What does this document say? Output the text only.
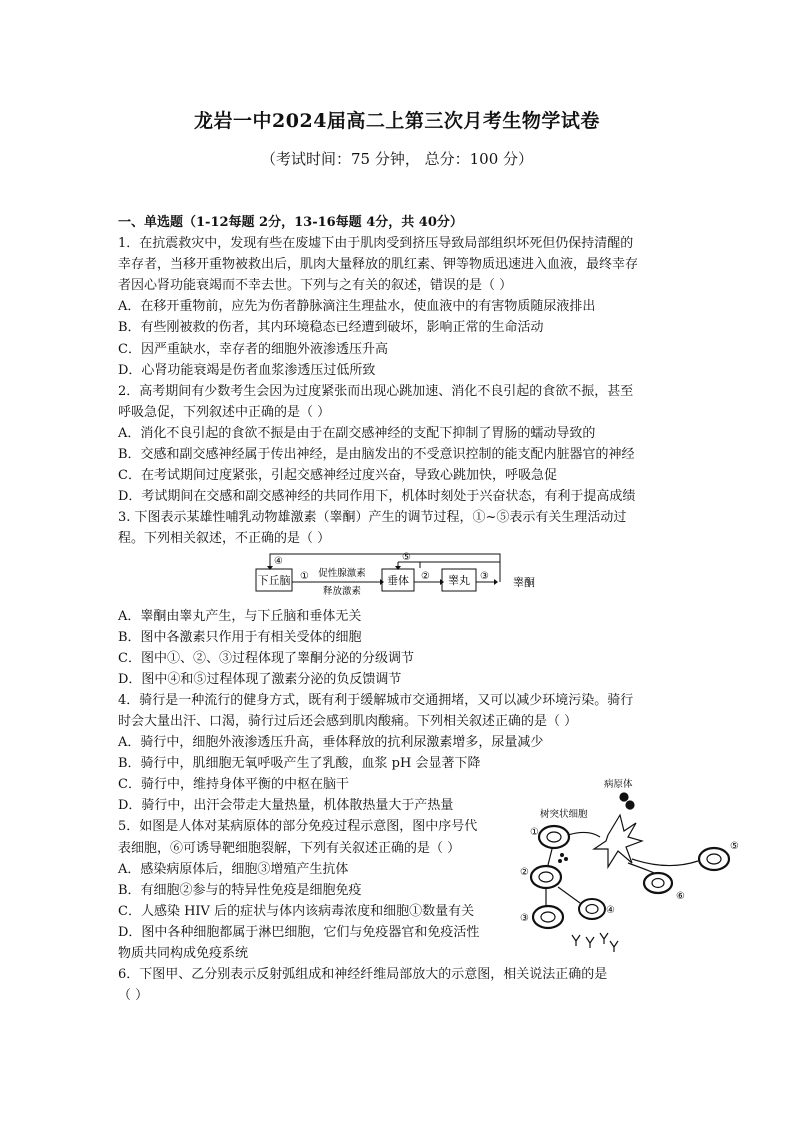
龙岩一中2024届高二上第三次月考生物学试卷
（考试时间：75 分钟， 总分：100 分）
一、单选题（1-12每题 2分，13-16每题 4分，共 40分）
1．在抗震救灾中，发现有些在废墟下由于肌肉受到挤压导致局部组织坏死但仍保持清醒的
幸存者，当移开重物被救出后，肌肉大量释放的肌红素、钾等物质迅速进入血液，最终幸存
者因心肾功能衰竭而不幸去世。下列与之有关的叙述，错误的是（ ）
A．在移开重物前，应先为伤者静脉滴注生理盐水，使血液中的有害物质随尿液排出
B．有些刚被救的伤者，其内环境稳态已经遭到破坏，影响正常的生命活动
C．因严重缺水，幸存者的细胞外液渗透压升高
D．心肾功能衰竭是伤者血浆渗透压过低所致
2．高考期间有少数考生会因为过度紧张而出现心跳加速、消化不良引起的食欲不振，甚至
呼吸急促，下列叙述中正确的是（ ）
A．消化不良引起的食欲不振是由于在副交感神经的支配下抑制了胃肠的蠕动导致的
B．交感和副交感神经属于传出神经，是由脑发出的不受意识控制的能支配内脏器官的神经
C．在考试期间过度紧张，引起交感神经过度兴奋，导致心跳加快，呼吸急促
D．考试期间在交感和副交感神经的共同作用下，机体时刻处于兴奋状态，有利于提高成绩
3. 下图表示某雄性哺乳动物雄激素（睾酮）产生的调节过程，①~⑤表示有关生理活动过
程。下列相关叙述，不正确的是（ ）
下丘脑	垂体	睾丸	睾酮
促性腺激素
释放激素
①	②	③
④	⑤
A．睾酮由睾丸产生，与下丘脑和垂体无关
B．图中各激素只作用于有相关受体的细胞
C．图中①、②、③过程体现了睾酮分泌的分级调节
D．图中④和⑤过程体现了激素分泌的负反馈调节
4．骑行是一种流行的健身方式，既有利于缓解城市交通拥堵，又可以减少环境污染。骑行
时会大量出汗、口渴，骑行过后还会感到肌肉酸痛。下列相关叙述正确的是（ ）
A．骑行中，细胞外液渗透压升高，垂体释放的抗利尿激素增多，尿量减少
B．骑行中，肌细胞无氧呼吸产生了乳酸，血浆 pH 会显著下降
C．骑行中，维持身体平衡的中枢在脑干
D．骑行中，出汗会带走大量热量，机体散热量大于产热量
5．如图是人体对某病原体的部分免疫过程示意图，图中序号代
表细胞，⑥可诱导靶细胞裂解，下列有关叙述正确的是（ ）
A．感染病原体后，细胞③增殖产生抗体
B．有细胞②参与的特异性免疫是细胞免疫
C．人感染 HIV 后的症状与体内该病毒浓度和细胞①数量有关
D．图中各种细胞都属于淋巴细胞，它们与免疫器官和免疫活性
物质共同构成免疫系统
6．下图甲、乙分别表示反射弧组成和神经纤维局部放大的示意图，相关说法正确的是
（ ）
病原体
树突状细胞
①
②
③
④
⑤
⑥
